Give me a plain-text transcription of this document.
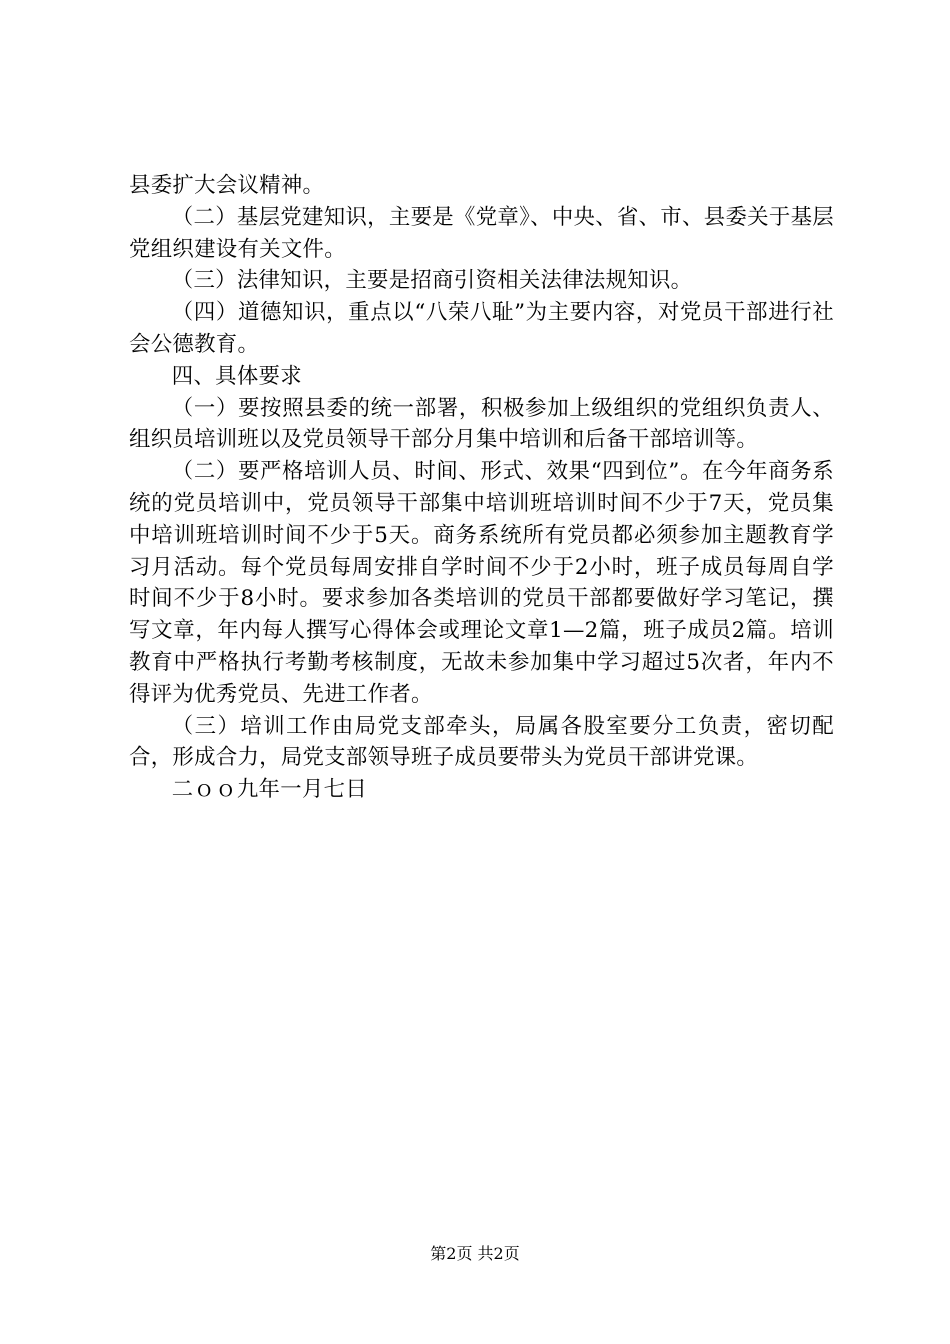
县委扩大会议精神。

（二）基层党建知识，主要是《党章》、中央、省、市、县委关于基层党组织建设有关文件。

（三）法律知识，主要是招商引资相关法律法规知识。

（四）道德知识，重点以“八荣八耻”为主要内容，对党员干部进行社会公德教育。

四、具体要求

（一）要按照县委的统一部署，积极参加上级组织的党组织负责人、组织员培训班以及党员领导干部分月集中培训和后备干部培训等。

（二）要严格培训人员、时间、形式、效果“四到位”。在今年商务系统的党员培训中，党员领导干部集中培训班培训时间不少于7天，党员集中培训班培训时间不少于5天。商务系统所有党员都必须参加主题教育学习月活动。每个党员每周安排自学时间不少于2小时，班子成员每周自学时间不少于8小时。要求参加各类培训的党员干部都要做好学习笔记，撰写文章，年内每人撰写心得体会或理论文章1—2篇，班子成员2篇。培训教育中严格执行考勤考核制度，无故未参加集中学习超过5次者，年内不得评为优秀党员、先进工作者。

（三）培训工作由局党支部牵头，局属各股室要分工负责，密切配合，形成合力，局党支部领导班子成员要带头为党员干部讲党课。

二ｏｏ九年一月七日

第2页 共2页
